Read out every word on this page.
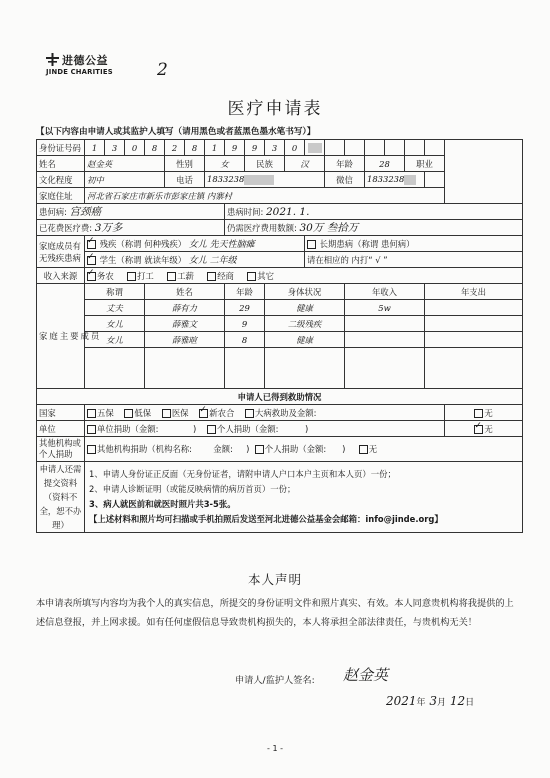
进德公益
JINDE CHARITIES	2
医疗申请表
【以下内容由申请人或其监护人填写（请用黑色或者蓝黑色墨水笔书写）】
身份证号码	1	3	0	8	2	8	1	9	9	3	0									
姓名	赵金英				性别		女		民族		汉		年龄		28		职业			
文化程度	初中				电话		1833238						微信		1833238					
家庭住址	河北省石家庄市新乐市彭家庄镇 内寨村																			
患何病: 宫颈癌								患病时间: 2021. 1.												
已花费医疗费: 3万多								仍需医疗费用数额: 30万 叁拾万												
家庭成员有无残疾患病	✓ 残疾（称谓 何种残疾） 女儿 先天性脑瘫											长期患病（称谓 患何病）								
✓ 学生（称谓 就读年级） 女儿 二年级											请在相应的 内打“ √ ”								
收入来源	✓务农 打工 工薪 经商 其它
家庭主要成员	称谓			姓名				年龄		身体状况				年收入				年支出		
	丈夫			薛有力				29		健康				5w						
	女儿			薛雅文				9		二级残疾										
	女儿			薛雅暄				8		健康										

申请人已得到救助情况																				
国家	五保 低保 医保 ✓ 新农合 大病救助及金额:																		无	
单位	单位捐助（金额:             )    个人捐助（金额:          )	✓无
其他机构或个人捐助	其他机构捐助（机构名称: 金额:     )  个人捐助（金额:      )     无																			
申请人还需提交资料（资料不全，恕不办理）	1、申请人身份证正反面（无身份证者，请附申请人户口本户主页和本人页）一份；
2、申请人诊断证明（或能反映病情的病历首页）一份；
3、病人就医前和就医时照片共3-5张。
【上述材料和照片均可扫描或手机拍照后发送至河北进德公益基金会邮箱：info@jinde.org】																			
本人声明
本申请表所填写内容均为我个人的真实信息，所提交的身份证明文件和照片真实、有效。本人同意贵机构将我提供的上述信息登报，并上网求援。如有任何虚假信息导致贵机构损失的，本人将承担全部法律责任，与贵机构无关！
申请人/监护人签名: 赵金英
2021年 3月 12日
- 1 -
